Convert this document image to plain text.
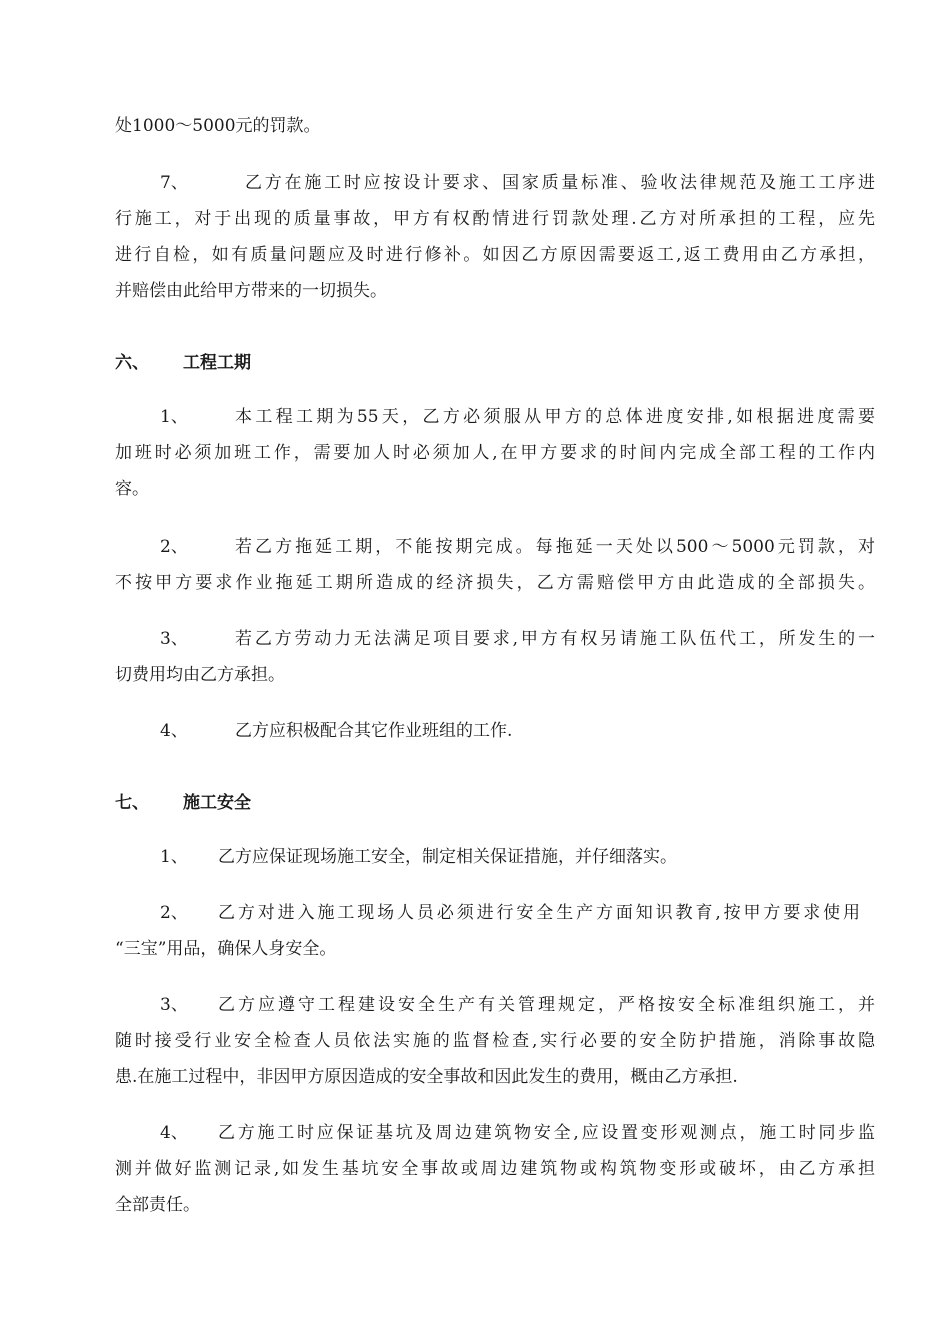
处1000～5000元的罚款。
7、	乙方在施工时应按设计要求、国家质量标准、验收法律规范及施工工序进
行施工，对于出现的质量事故，甲方有权酌情进行罚款处理.乙方对所承担的工程，应先
进行自检，如有质量问题应及时进行修补。如因乙方原因需要返工,返工费用由乙方承担，
并赔偿由此给甲方带来的一切损失。
六、 工程工期
1、	本工程工期为55天，乙方必须服从甲方的总体进度安排,如根据进度需要
加班时必须加班工作，需要加人时必须加人,在甲方要求的时间内完成全部工程的工作内
容。
2、	若乙方拖延工期，不能按期完成。每拖延一天处以500～5000元罚款，对
不按甲方要求作业拖延工期所造成的经济损失，乙方需赔偿甲方由此造成的全部损失。
3、	若乙方劳动力无法满足项目要求,甲方有权另请施工队伍代工，所发生的一
切费用均由乙方承担。
4、	乙方应积极配合其它作业班组的工作.
七、 施工安全
1、 乙方应保证现场施工安全，制定相关保证措施，并仔细落实。
2、 乙方对进入施工现场人员必须进行安全生产方面知识教育,按甲方要求使用
“三宝”用品，确保人身安全。
3、 乙方应遵守工程建设安全生产有关管理规定，严格按安全标准组织施工，并
随时接受行业安全检查人员依法实施的监督检查,实行必要的安全防护措施，消除事故隐
患.在施工过程中，非因甲方原因造成的安全事故和因此发生的费用，概由乙方承担.
4、 乙方施工时应保证基坑及周边建筑物安全,应设置变形观测点，施工时同步监
测并做好监测记录,如发生基坑安全事故或周边建筑物或构筑物变形或破坏，由乙方承担
全部责任。
